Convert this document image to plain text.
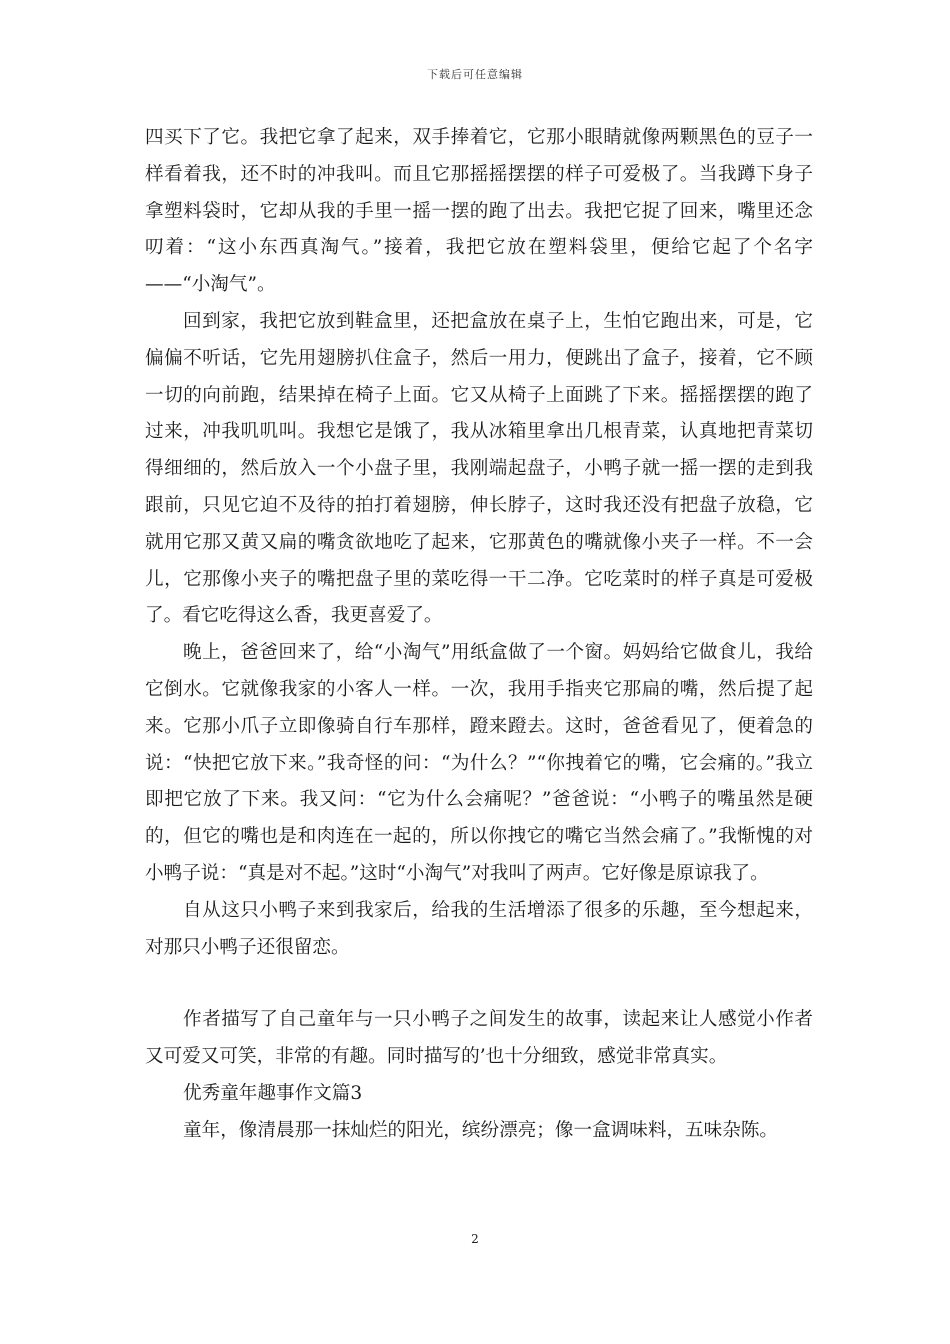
下载后可任意编辑

四买下了它。我把它拿了起来，双手捧着它，它那小眼睛就像两颗黑色的豆子一样看着我，还不时的冲我叫。而且它那摇摇摆摆的样子可爱极了。当我蹲下身子拿塑料袋时，它却从我的手里一摇一摆的跑了出去。我把它捉了回来，嘴里还念叨着：“这小东西真淘气。”接着，我把它放在塑料袋里，便给它起了个名字——“小淘气”。

回到家，我把它放到鞋盒里，还把盒放在桌子上，生怕它跑出来，可是，它偏偏不听话，它先用翅膀扒住盒子，然后一用力，便跳出了盒子，接着，它不顾一切的向前跑，结果掉在椅子上面。它又从椅子上面跳了下来。摇摇摆摆的跑了过来，冲我叽叽叫。我想它是饿了，我从冰箱里拿出几根青菜，认真地把青菜切得细细的，然后放入一个小盘子里，我刚端起盘子，小鸭子就一摇一摆的走到我跟前，只见它迫不及待的拍打着翅膀，伸长脖子，这时我还没有把盘子放稳，它就用它那又黄又扁的嘴贪欲地吃了起来，它那黄色的嘴就像小夹子一样。不一会儿，它那像小夹子的嘴把盘子里的菜吃得一干二净。它吃菜时的样子真是可爱极了。看它吃得这么香，我更喜爱了。

晚上，爸爸回来了，给“小淘气”用纸盒做了一个窗。妈妈给它做食儿，我给它倒水。它就像我家的小客人一样。一次，我用手指夹它那扁的嘴，然后提了起来。它那小爪子立即像骑自行车那样，蹬来蹬去。这时，爸爸看见了，便着急的说：“快把它放下来。”我奇怪的问：“为什么？”“你拽着它的嘴，它会痛的。”我立即把它放了下来。我又问：“它为什么会痛呢？”爸爸说：“小鸭子的嘴虽然是硬的，但它的嘴也是和肉连在一起的，所以你拽它的嘴它当然会痛了。”我惭愧的对小鸭子说：“真是对不起。”这时“小淘气”对我叫了两声。它好像是原谅我了。

自从这只小鸭子来到我家后，给我的生活增添了很多的乐趣，至今想起来，对那只小鸭子还很留恋。

作者描写了自己童年与一只小鸭子之间发生的故事，读起来让人感觉小作者又可爱又可笑，非常的有趣。同时描写的’也十分细致，感觉非常真实。

优秀童年趣事作文篇3

童年，像清晨那一抹灿烂的阳光，缤纷漂亮；像一盒调味料，五味杂陈。

2
